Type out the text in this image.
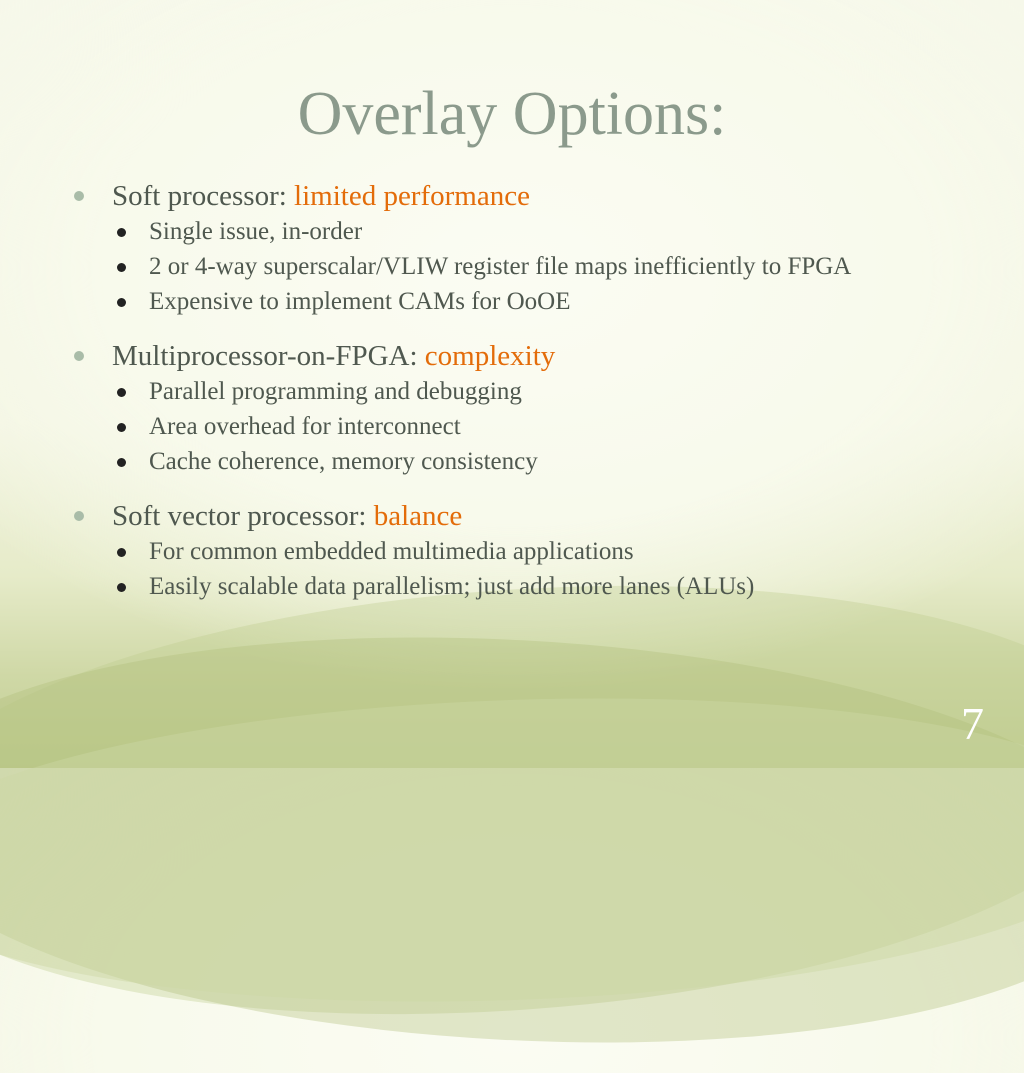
Overlay Options:

Soft processor: limited performance

Single issue, in-order
2 or 4-way superscalar/VLIW register file maps inefficiently to FPGA
Expensive to implement CAMs for OoOE

Multiprocessor-on-FPGA: complexity

Parallel programming and debugging
Area overhead for interconnect
Cache coherence, memory consistency

Soft vector processor: balance

For common embedded multimedia applications
Easily scalable data parallelism; just add more lanes (ALUs)
7
